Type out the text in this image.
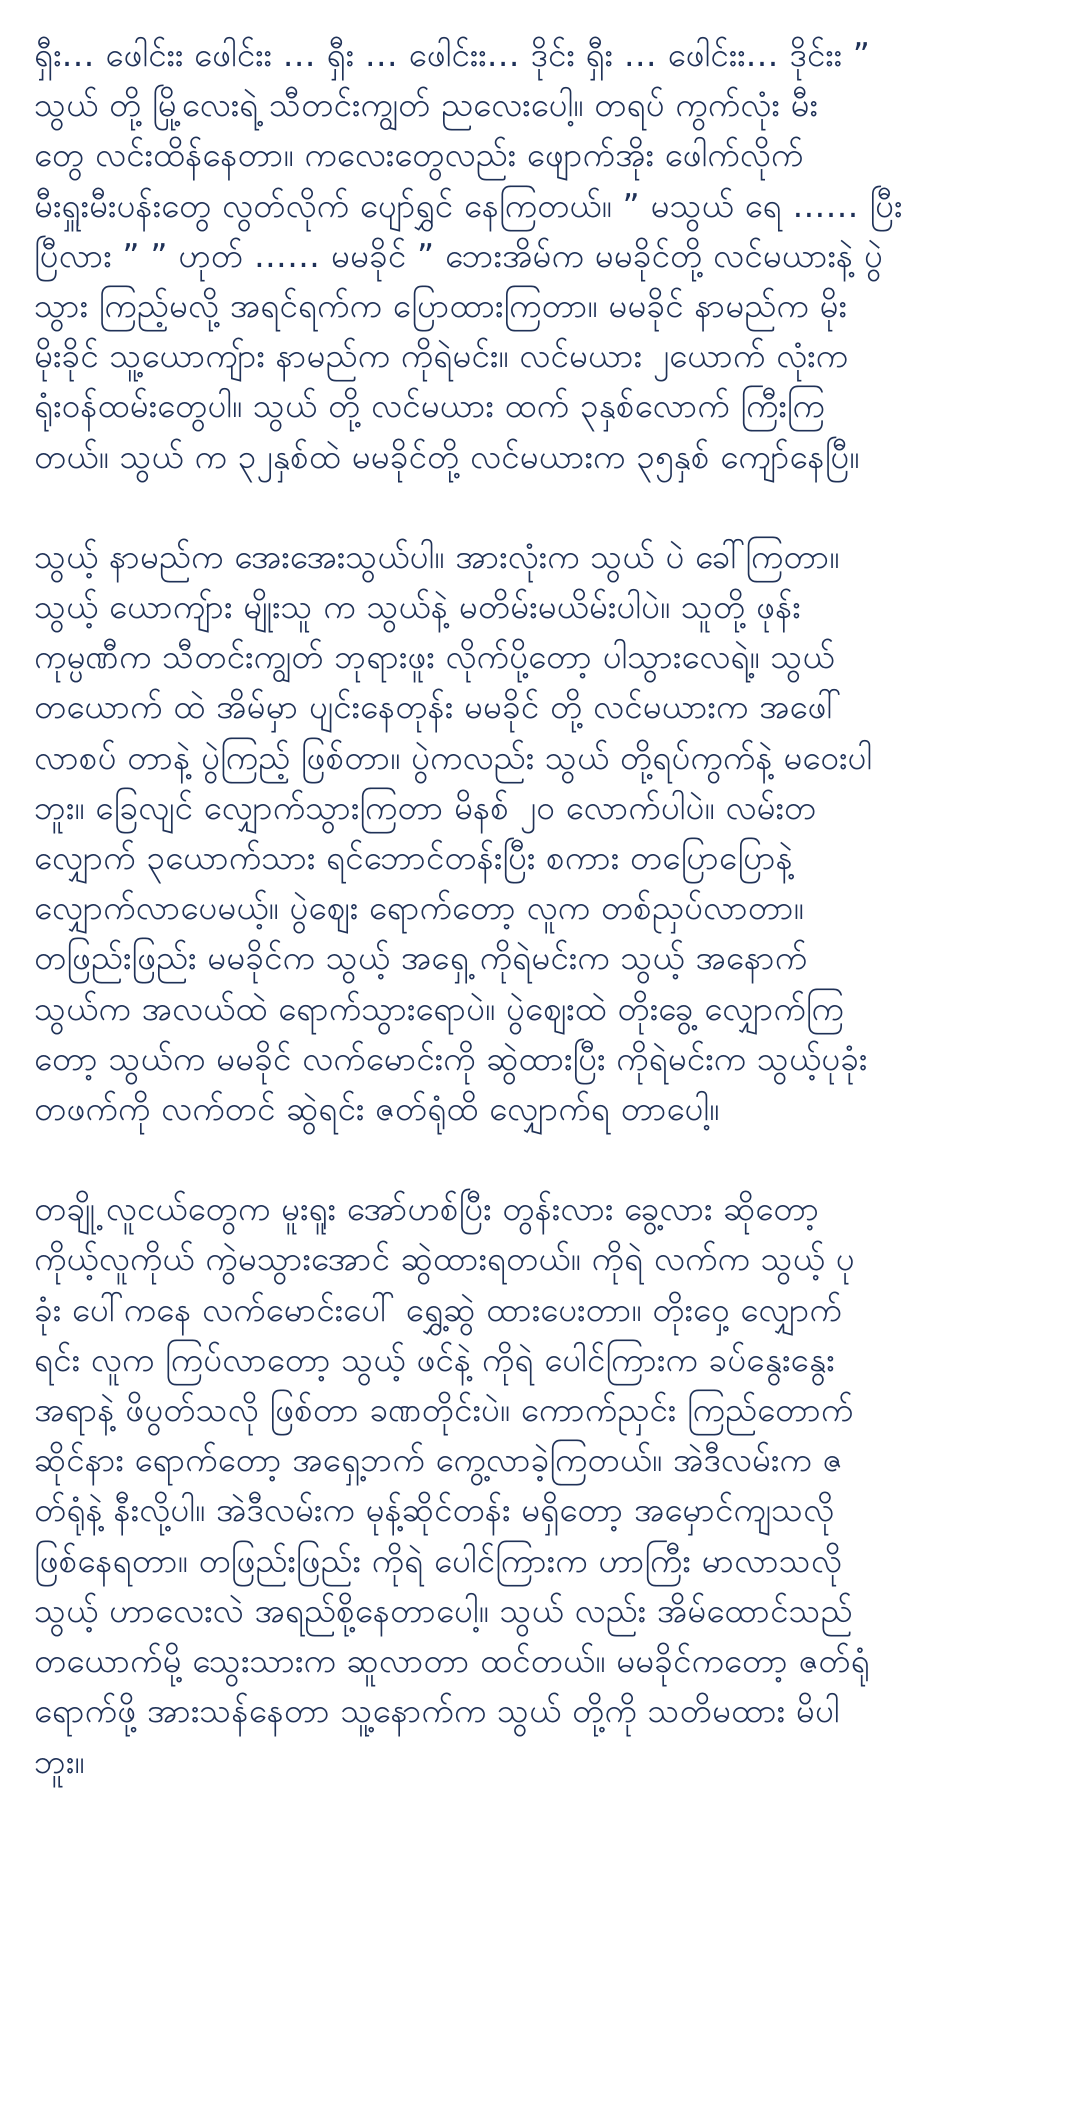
ရှီး… ဖေါင်းး ဖေါင်းး … ရှီး … ဖေါင်းး… ဒိုင်း ရှီး … ဖေါင်းး… ဒိုင်းး ”
သွယ် တို့ မြို့လေးရဲ့ သီတင်းကျွတ် ညလေးပေါ့။ တရပ် ကွက်လုံး မီး
တွေ လင်းထိန်နေတာ။ ကလေးတွေလည်း ဖျောက်အိုး ဖေါက်လိုက်
မီးရှူးမီးပန်းတွေ လွတ်လိုက် ပျော်ရွှင် နေကြတယ်။ ” မသွယ် ရေ …… ပြီး
ပြီလား ” ” ဟုတ် …… မမခိုင် ” ဘေးအိမ်က မမခိုင်တို့ လင်မယားနဲ့ ပွဲ
သွား ကြည့်မလို့ အရင်ရက်က ပြောထားကြတာ။ မမခိုင် နာမည်က မိုး
မိုးခိုင် သူ့ယောကျ်ား နာမည်က ကိုရဲမင်း။ လင်မယား ၂ယောက် လုံးက
ရုံးဝန်ထမ်းတွေပါ။ သွယ် တို့ လင်မယား ထက် ၃နှစ်လောက် ကြီးကြ
တယ်။ သွယ် က ၃၂နှစ်ထဲ မမခိုင်တို့ လင်မယားက ၃၅နှစ် ကျော်နေပြီ။
သွယ့် နာမည်က အေးအေးသွယ်ပါ။ အားလုံးက သွယ် ပဲ ခေါ်ကြတာ။
သွယ့် ယောကျ်ား မျိုးသူ က သွယ်နဲ့ မတိမ်းမယိမ်းပါပဲ။ သူတို့ ဖုန်း
ကုမ္ပဏီက သီတင်းကျွတ် ဘုရားဖူး လိုက်ပို့တော့ ပါသွားလေရဲ့။ သွယ်
တယောက် ထဲ အိမ်မှာ ပျင်းနေတုန်း မမခိုင် တို့ လင်မယားက အဖေါ်
လာစပ် တာနဲ့ ပွဲကြည့် ဖြစ်တာ။ ပွဲကလည်း သွယ် တို့ရပ်ကွက်နဲ့ မဝေးပါ
ဘူး။ ခြေလျင် လျှောက်သွားကြတာ မိနစ် ၂၀ လောက်ပါပဲ။ လမ်းတ
လျှောက် ၃ယောက်သား ရင်ဘောင်တန်းပြီး စကား တပြောပြောနဲ့
လျှောက်လာပေမယ့်။ ပွဲဈေး ရောက်တော့ လူက တစ်ညှပ်လာတာ။
တဖြည်းဖြည်း မမခိုင်က သွယ့် အရှေ့ ကိုရဲမင်းက သွယ့် အနောက်
သွယ်က အလယ်ထဲ ရောက်သွားရောပဲ။ ပွဲဈေးထဲ တိုးခွေ့ လျှောက်ကြ
တော့ သွယ်က မမခိုင် လက်မောင်းကို ဆွဲထားပြီး ကိုရဲမင်းက သွယ့်ပုခုံး
တဖက်ကို လက်တင် ဆွဲရင်း ဇတ်ရုံထိ လျှောက်ရ တာပေါ့။
တချို့ လူငယ်တွေက မူးရူး အော်ဟစ်ပြီး တွန်းလား ခွေ့လား ဆိုတော့
ကိုယ့်လူကိုယ် ကွဲမသွားအောင် ဆွဲထားရတယ်။ ကိုရဲ လက်က သွယ့် ပု
ခုံး ပေါ်ကနေ လက်မောင်းပေါ် ရွှေ့ဆွဲ ထားပေးတာ။ တိုးဝှေ့ လျှောက်
ရင်း လူက ကြပ်လာတော့ သွယ့် ဖင်နဲ့ ကိုရဲ ပေါင်ကြားက ခပ်နွေးနွေး
အရာနဲ့ ဖိပွတ်သလို ဖြစ်တာ ခဏတိုင်းပဲ။ ကောက်ညှင်း ကြည်တောက်
ဆိုင်နား ရောက်တော့ အရှေ့ဘက် ကွေ့လာခဲ့ကြတယ်။ အဲဒီလမ်းက ဇ
တ်ရုံနဲ့ နီးလို့ပါ။ အဲဒီလမ်းက မုန့်ဆိုင်တန်း မရှိတော့ အမှောင်ကျသလို
ဖြစ်နေရတာ။ တဖြည်းဖြည်း ကိုရဲ ပေါင်ကြားက ဟာကြီး မာလာသလို
သွယ့် ဟာလေးလဲ အရည်စို့နေတာပေါ့။ သွယ် လည်း အိမ်ထောင်သည်
တယောက်မို့ သွေးသားက ဆူလာတာ ထင်တယ်။ မမခိုင်ကတော့ ဇတ်ရုံ
ရောက်ဖို့ အားသန်နေတာ သူ့နောက်က သွယ် တို့ကို သတိမထား မိပါ
ဘူး။
